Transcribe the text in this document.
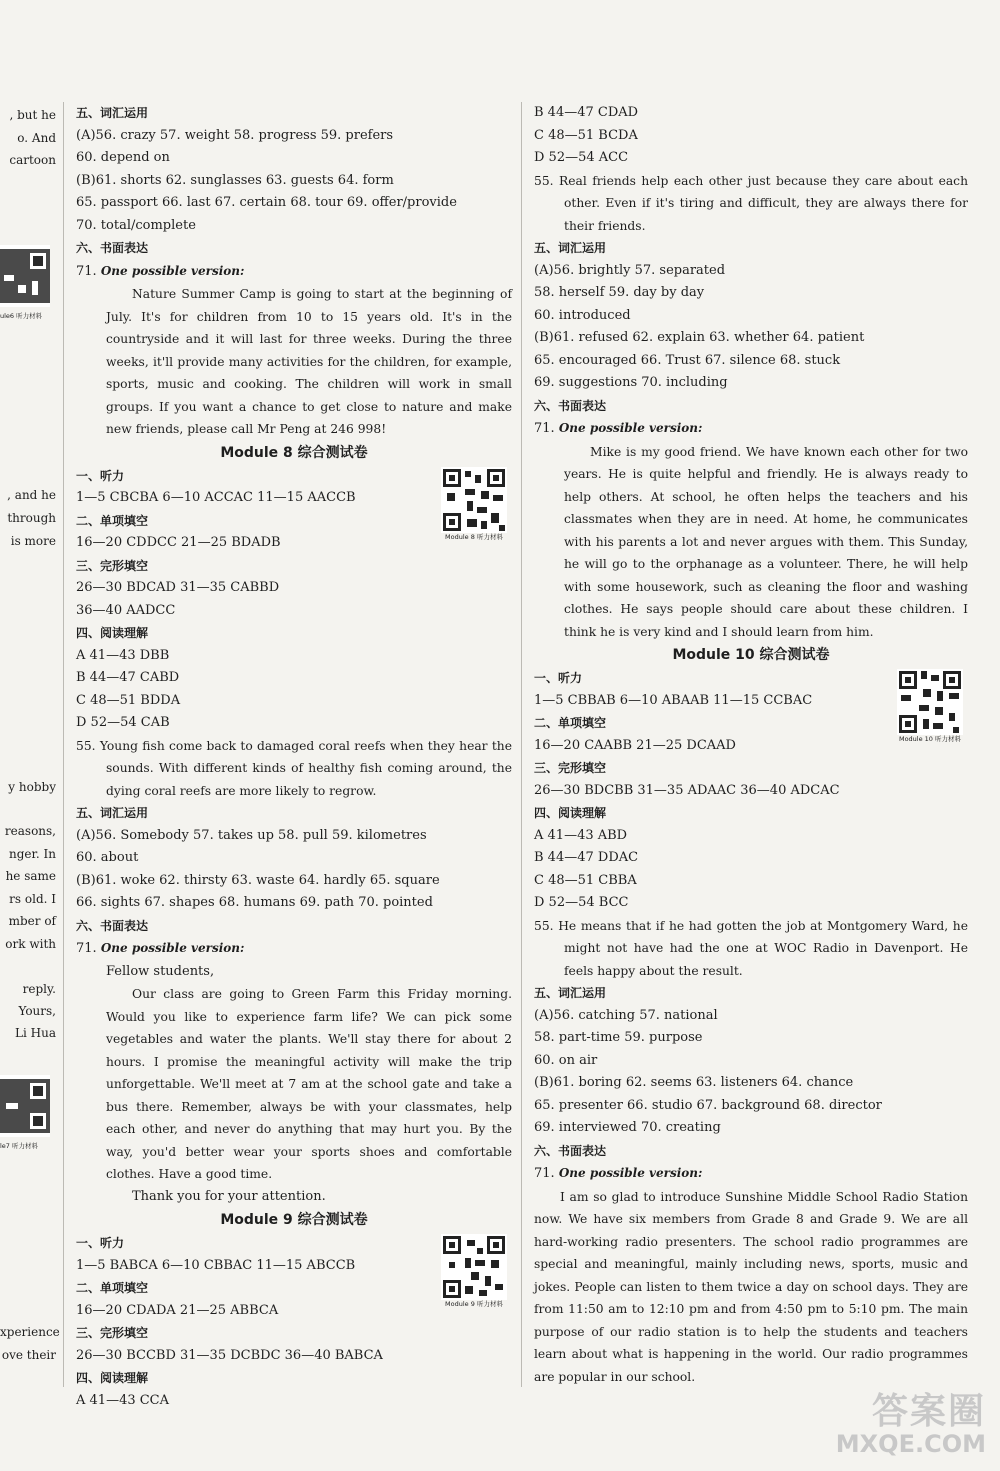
, but he
o. And
cartoon
, and he
through
is more
y hobby
reasons,
nger. In
he same
rs old. I
mber of
ork with
reply.
Yours,
Li Hua
xperience
ove their
ule6 听力材料
le7 听力材料
五、词汇运用
(A)56. crazy 57. weight 58. progress 59. prefers
60. depend on
(B)61. shorts 62. sunglasses 63. guests 64. form
65. passport 66. last 67. certain 68. tour 69. offer/provide
70. total/complete
六、书面表达
71. One possible version:
Nature Summer Camp is going to start at the beginning of July. It's for children from 10 to 15 years old. It's in the countryside and it will last for three weeks. During the three weeks, it'll provide many activities for the children, for example, sports, music and cooking. The children will work in small groups. If you want a chance to get close to nature and make new friends, please call Mr Peng at 246 998!
Module 8 综合测试卷
Module 8 听力材料
一、听力
1—5 CBCBA 6—10 ACCAC 11—15 AACCB
二、单项填空
16—20 CDDCC 21—25 BDADB
三、完形填空
26—30 BDCAD 31—35 CABBD
36—40 AADCC
四、阅读理解
A 41—43 DBB
B 44—47 CABD
C 48—51 BDDA
D 52—54 CAB
55. Young fish come back to damaged coral reefs when they hear the sounds. With different kinds of healthy fish coming around, the dying coral reefs are more likely to regrow.
五、词汇运用
(A)56. Somebody 57. takes up 58. pull 59. kilometres
60. about
(B)61. woke 62. thirsty 63. waste 64. hardly 65. square
66. sights 67. shapes 68. humans 69. path 70. pointed
六、书面表达
71. One possible version:
Fellow students,
Our class are going to Green Farm this Friday morning. Would you like to experience farm life? We can pick some vegetables and water the plants. We'll stay there for about 2 hours. I promise the meaningful activity will make the trip unforgettable. We'll meet at 7 am at the school gate and take a bus there. Remember, always be with your classmates, help each other, and never do anything that may hurt you. By the way, you'd better wear your sports shoes and comfortable clothes. Have a good time.
Thank you for your attention.
Module 9 综合测试卷
Module 9 听力材料
一、听力
1—5 BABCA 6—10 CBBAC 11—15 ABCCB
二、单项填空
16—20 CDADA 21—25 ABBCA
三、完形填空
26—30 BCCBD 31—35 DCBDC 36—40 BABCA
四、阅读理解
A 41—43 CCA
B 44—47 CDAD
C 48—51 BCDA
D 52—54 ACC
55. Real friends help each other just because they care about each other. Even if it's tiring and difficult, they are always there for their friends.
五、词汇运用
(A)56. brightly 57. separated
58. herself 59. day by day
60. introduced
(B)61. refused 62. explain 63. whether 64. patient
65. encouraged 66. Trust 67. silence 68. stuck
69. suggestions 70. including
六、书面表达
71. One possible version:
Mike is my good friend. We have known each other for two years. He is quite helpful and friendly. He is always ready to help others. At school, he often helps the teachers and his classmates when they are in need. At home, he communicates with his parents a lot and never argues with them. This Sunday, he will go to the orphanage as a volunteer. There, he will help with some housework, such as cleaning the floor and washing clothes. He says people should care about these children. I think he is very kind and I should learn from him.
Module 10 综合测试卷
Module 10 听力材料
一、听力
1—5 CBBAB 6—10 ABAAB 11—15 CCBAC
二、单项填空
16—20 CAABB 21—25 DCAAD
三、完形填空
26—30 BDCBB 31—35 ADAAC 36—40 ADCAC
四、阅读理解
A 41—43 ABD
B 44—47 DDAC
C 48—51 CBBA
D 52—54 BCC
55. He means that if he had gotten the job at Montgomery Ward, he might not have had the one at WOC Radio in Davenport. He feels happy about the result.
五、词汇运用
(A)56. catching 57. national
58. part-time 59. purpose
60. on air
(B)61. boring 62. seems 63. listeners 64. chance
65. presenter 66. studio 67. background 68. director
69. interviewed 70. creating
六、书面表达
71. One possible version:
I am so glad to introduce Sunshine Middle School Radio Station now. We have six members from Grade 8 and Grade 9. We are all hard-working radio presenters. The school radio programmes are special and meaningful, mainly including news, sports, music and jokes. People can listen to them twice a day on school days. They are from 11:50 am to 12:10 pm and from 4:50 pm to 5:10 pm. The main purpose of our radio station is to help the students and teachers learn about what is happening in the world. Our radio programmes are popular in our school.
答案圈
MXQE.COM
